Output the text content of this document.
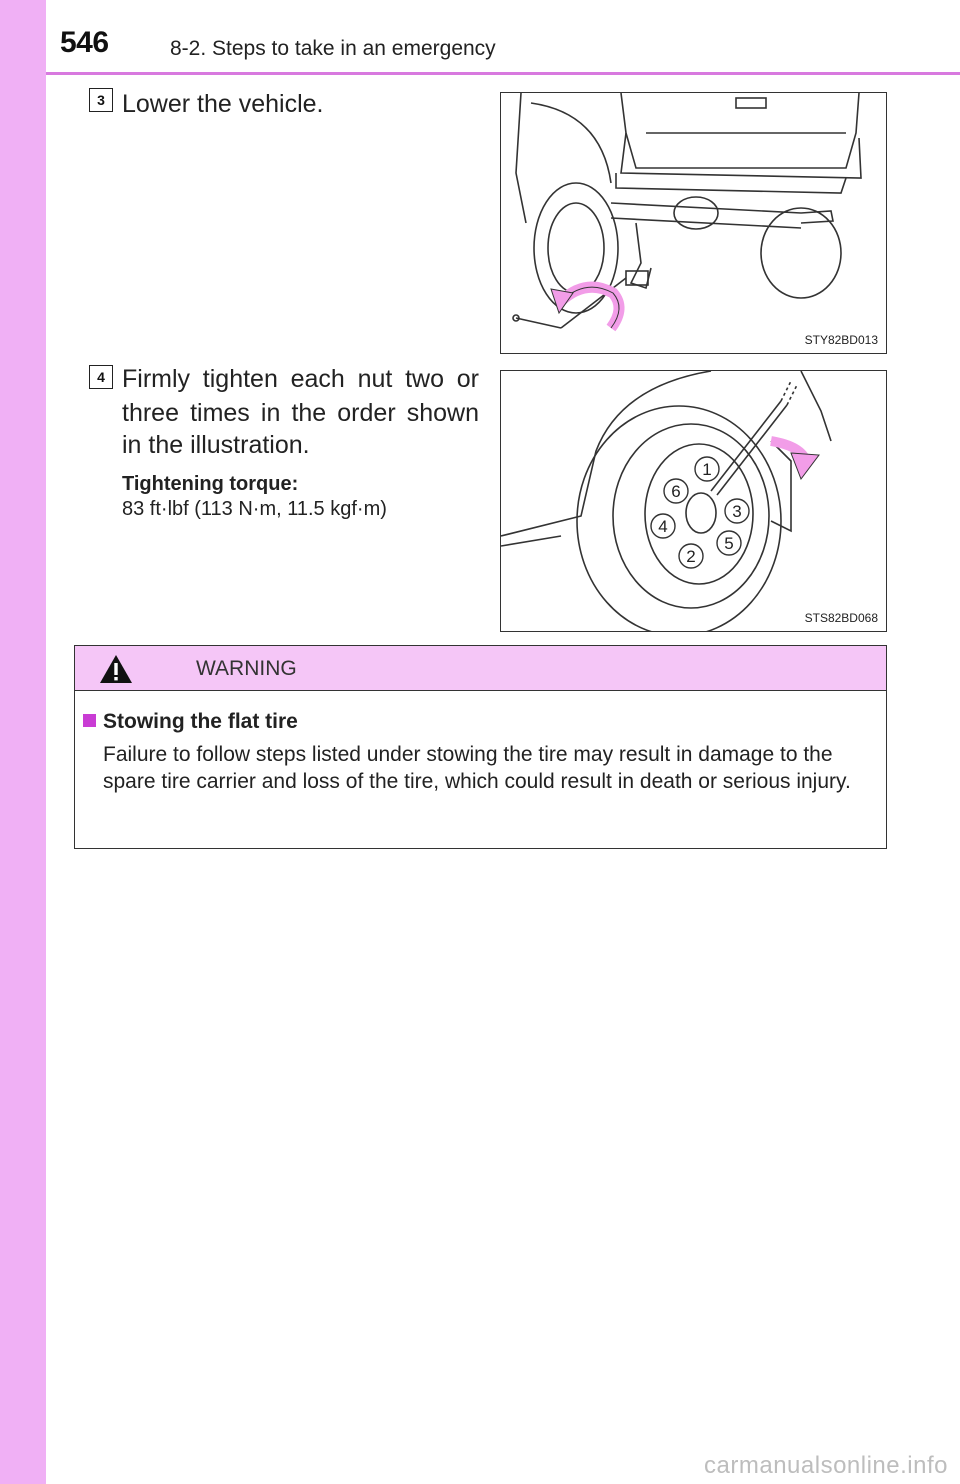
546	8-2. Steps to take in an emergency
3 Lower the vehicle.
STY82BD013
4 Firmly tighten each nut two or
three times in the order shown
in the illustration.
Tightening torque:
83 ft·lbf (113 N·m, 11.5 kgf·m)
1
6
3
4
5
2
STS82BD068
WARNING
Stowing the flat tire
Failure to follow steps listed under stowing the tire may result in damage to the spare tire carrier and loss of the tire, which could result in death or serious injury.
carmanualsonline.info
